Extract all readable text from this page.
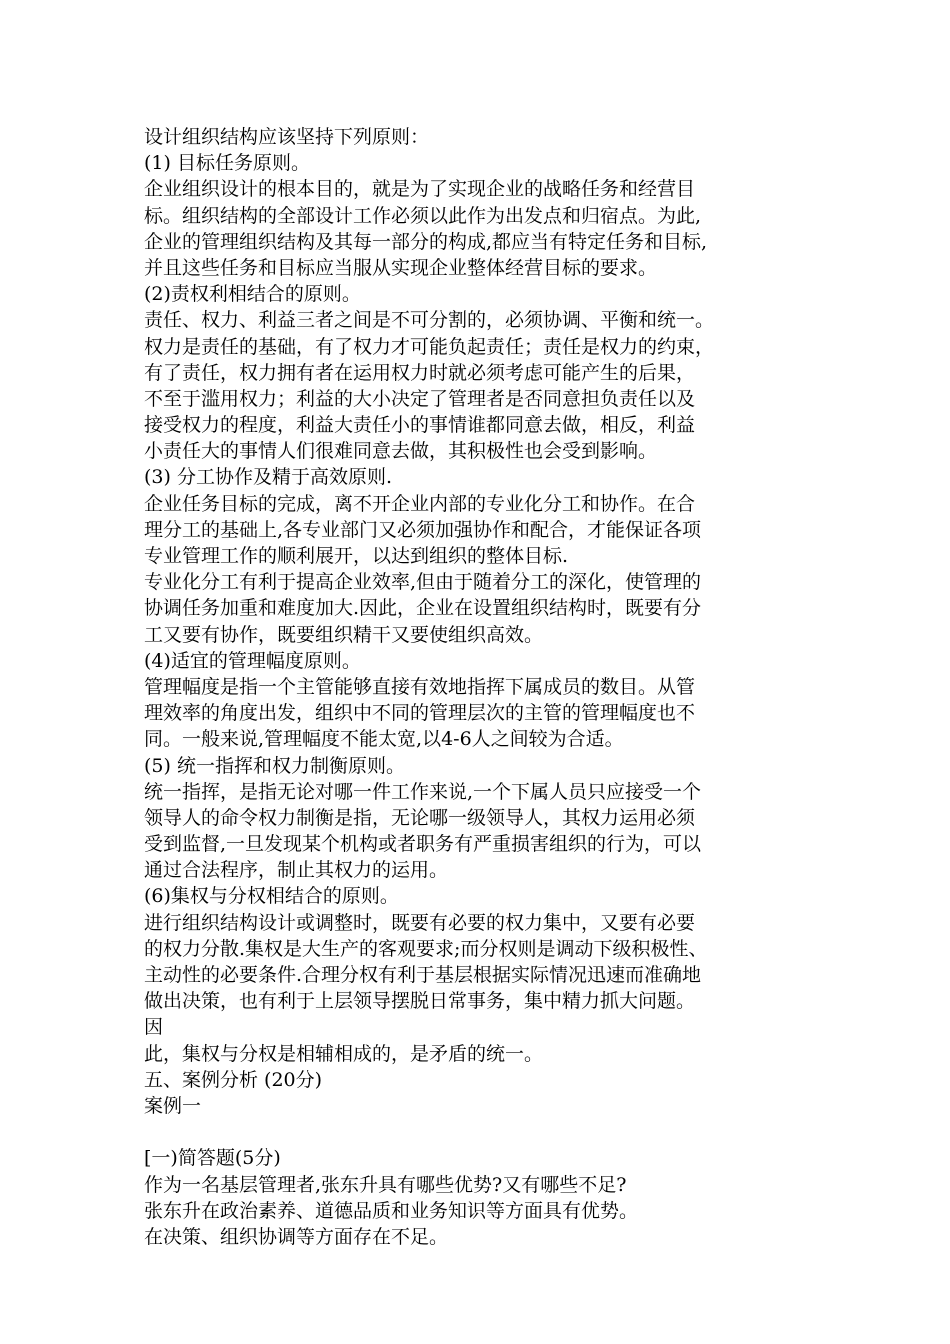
设计组织结构应该坚持下列原则：
(1) 目标任务原则。
企业组织设计的根本目的，就是为了实现企业的战略任务和经营目
标。组织结构的全部设计工作必须以此作为出发点和归宿点。为此,
企业的管理组织结构及其每一部分的构成,都应当有特定任务和目标,
并且这些任务和目标应当服从实现企业整体经营目标的要求。
(2)责权利相结合的原则。
责任、权力、利益三者之间是不可分割的，必须协调、平衡和统一。
权力是责任的基础，有了权力才可能负起责任；责任是权力的约束，
有了责任，权力拥有者在运用权力时就必须考虑可能产生的后果，
不至于滥用权力；利益的大小决定了管理者是否同意担负责任以及
接受权力的程度，利益大责任小的事情谁都同意去做，相反，利益
小责任大的事情人们很难同意去做，其积极性也会受到影响。
(3) 分工协作及精于高效原则.
企业任务目标的完成，离不开企业内部的专业化分工和协作。在合
理分工的基础上,各专业部门又必须加强协作和配合，才能保证各项
专业管理工作的顺利展开，以达到组织的整体目标.
专业化分工有利于提高企业效率,但由于随着分工的深化，使管理的
协调任务加重和难度加大.因此，企业在设置组织结构时，既要有分
工又要有协作，既要组织精干又要使组织高效。
(4)适宜的管理幅度原则。
管理幅度是指一个主管能够直接有效地指挥下属成员的数目。从管
理效率的角度出发，组织中不同的管理层次的主管的管理幅度也不
同。一般来说,管理幅度不能太宽,以4-6人之间较为合适。
(5) 统一指挥和权力制衡原则。
统一指挥，是指无论对哪一件工作来说,一个下属人员只应接受一个
领导人的命令权力制衡是指，无论哪一级领导人，其权力运用必须
受到监督,一旦发现某个机构或者职务有严重损害组织的行为，可以
通过合法程序，制止其权力的运用。
(6)集权与分权相结合的原则。
进行组织结构设计或调整时，既要有必要的权力集中，又要有必要
的权力分散.集权是大生产的客观要求;而分权则是调动下级积极性、
主动性的必要条件.合理分权有利于基层根据实际情况迅速而准确地
做出决策，也有利于上层领导摆脱日常事务，集中精力抓大问题。
因
此，集权与分权是相辅相成的，是矛盾的统一。
五、案例分析 (20分)
案例一
[一)简答题(5分)
作为一名基层管理者,张东升具有哪些优势?又有哪些不足?
张东升在政治素养、道德品质和业务知识等方面具有优势。
在决策、组织协调等方面存在不足。
